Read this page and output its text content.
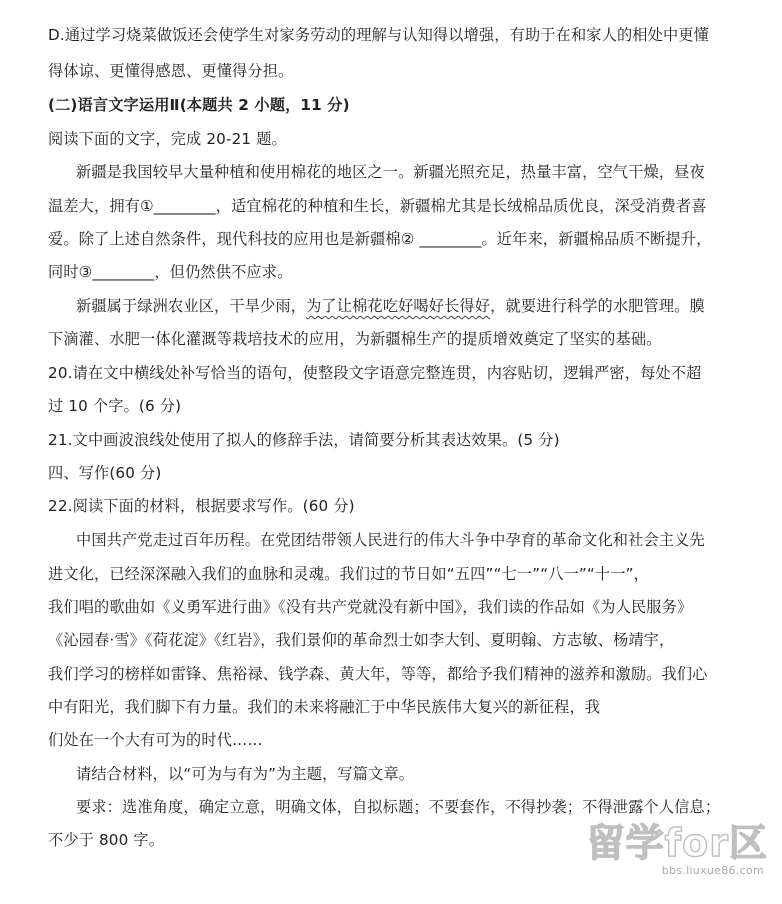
D.通过学习烧菜做饭还会使学生对家务劳动的理解与认知得以增强，有助于在和家人的相处中更懂
得体谅、更懂得感恩、更懂得分担。
(二)语言文字运用Ⅱ(本题共 2 小题，11 分)
阅读下面的文字，完成 20-21 题。
新疆是我国较早大量种植和使用棉花的地区之一。新疆光照充足，热量丰富，空气干燥，昼夜
温差大，拥有①________，适宜棉花的种植和生长，新疆棉尤其是长绒棉品质优良，深受消费者喜
爱。除了上述自然条件，现代科技的应用也是新疆棉② ________。近年来，新疆棉品质不断提升，
同时③________，但仍然供不应求。
新疆属于绿洲农业区，干旱少雨，为了让棉花吃好喝好长得好，就要进行科学的水肥管理。膜
下滴灌、水肥一体化灌溉等栽培技术的应用，为新疆棉生产的提质增效奠定了坚实的基础。
20.请在文中横线处补写恰当的语句，使整段文字语意完整连贯，内容贴切，逻辑严密，每处不超
过 10 个字。(6 分)
21.文中画波浪线处使用了拟人的修辞手法，请简要分析其表达效果。(5 分)
四、写作(60 分)
22.阅读下面的材料，根据要求写作。(60 分)
中国共产党走过百年历程。在党团结带领人民进行的伟大斗争中孕育的革命文化和社会主义先
进文化，已经深深融入我们的血脉和灵魂。我们过的节日如“五四”“七一”“八一”“十一”，
我们唱的歌曲如《义勇军进行曲》《没有共产党就没有新中国》，我们读的作品如《为人民服务》
《沁园春·雪》《荷花淀》《红岩》，我们景仰的革命烈士如李大钊、夏明翰、方志敏、杨靖宇，
我们学习的榜样如雷锋、焦裕禄、钱学森、黄大年，等等，都给予我们精神的滋养和激励。我们心
中有阳光，我们脚下有力量。我们的未来将融汇于中华民族伟大复兴的新征程，我
们处在一个大有可为的时代……
请结合材料，以“可为与有为”为主题，写篇文章。
要求：选准角度，确定立意，明确文体，自拟标题；不要套作，不得抄袭；不得泄露个人信息；
不少于 800 字。	留学for区
bbs.liuxue86.com
